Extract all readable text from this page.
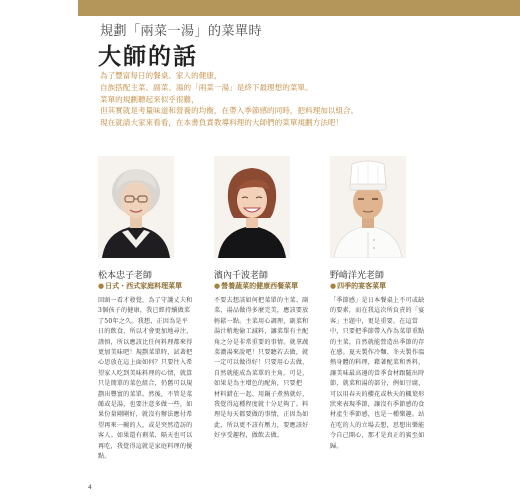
規劃「兩菜一湯」的菜單時
大師的話

為了豐富每日的餐桌、家人的健康，

自族搭配主菜、副菜、湯的「兩菜一湯」是終下最理想的菜單。

菜單的規劃聽起來似乎很難，

但其實就是考量味道和營養的均衡，在帶入季節感的同時，把料理加以組合。

現在就請大家來看看，在本書負責教導料理的大師們的菜單規劃方法吧！

松本忠子老師	濱內千波老師	野﨑洋光老師
●日式・西式家庭料理菜單	●營養蔬菜的健康西餐菜單	●四季的宴客菜單

回頭一看才發覺，為了守護丈夫和

3個孩子的健康，我已經持續做菜

了50年之久。我想，正因為是平

日的飲食，所以才會更加地尋注、

謹慎，所以應該比任何料理都來得

更加美味吧！規劃菜單時，試著把

心思放在這上面如何？只要往入希

望家人吃到美味料理的心情，就算

只是簡單的菜色組合，仍舊可以規

劃出豐富的菜單。然後，不管是菜

餚或是湯，也要注意多做一些，如

果份量剛剛好，就沒有辦法應付希

望再來一碗的人，或是突然造訪的

客人。如果還有剩菜，隔天也可以

再吃，我覺得這就是家庭料理的優

點。

不要去想該如何把菜單的主菜、副

菜、湯品做得多麼完美，應該要放

輕鬆一點。主菜用心調理，副菜和

湯汁稍地偷工減料，讓菜單有主配

角之分是非常重要的事情。就拿蔬

菜濃湯來說吧！只要聽若去做，就

一定可以做得好！只要用心去做，

自然就能成為菜單的主角。可是，

如果是為主增色的配角，只要把

材料錯在一起、用鍋子煮熟就好，

我覺得這種程度就十分足夠了。料

理是每天都要做的事情，正因為如

此，所以更不該有壓力，要應該好

好享受趣程，做飲去做。

「季節感」是日本餐桌上不可或缺

的要素，而在我這次所負責的「宴

客」主題中，更是重要。在這當

中，只要把季節帶入作為菜單重點

的主菜，自然就能營造出季節的存

在感。夏天製作冷麵、冬天製作溫

熱身體的料理，藉著配菜和香料，

讓美味最高邊的當季食材跟隨出時

節，就菜和湯的部分，例如豆腐，

可以用春天的櫻花或秋天的楓葉形

狀來表現季節，讓沒有季節感的食

材產生季節感，也是一種樂趣。站

在吃的人的立場去想，思想出樂能

令自己開心，那才是真正的賓至如

歸。

4
